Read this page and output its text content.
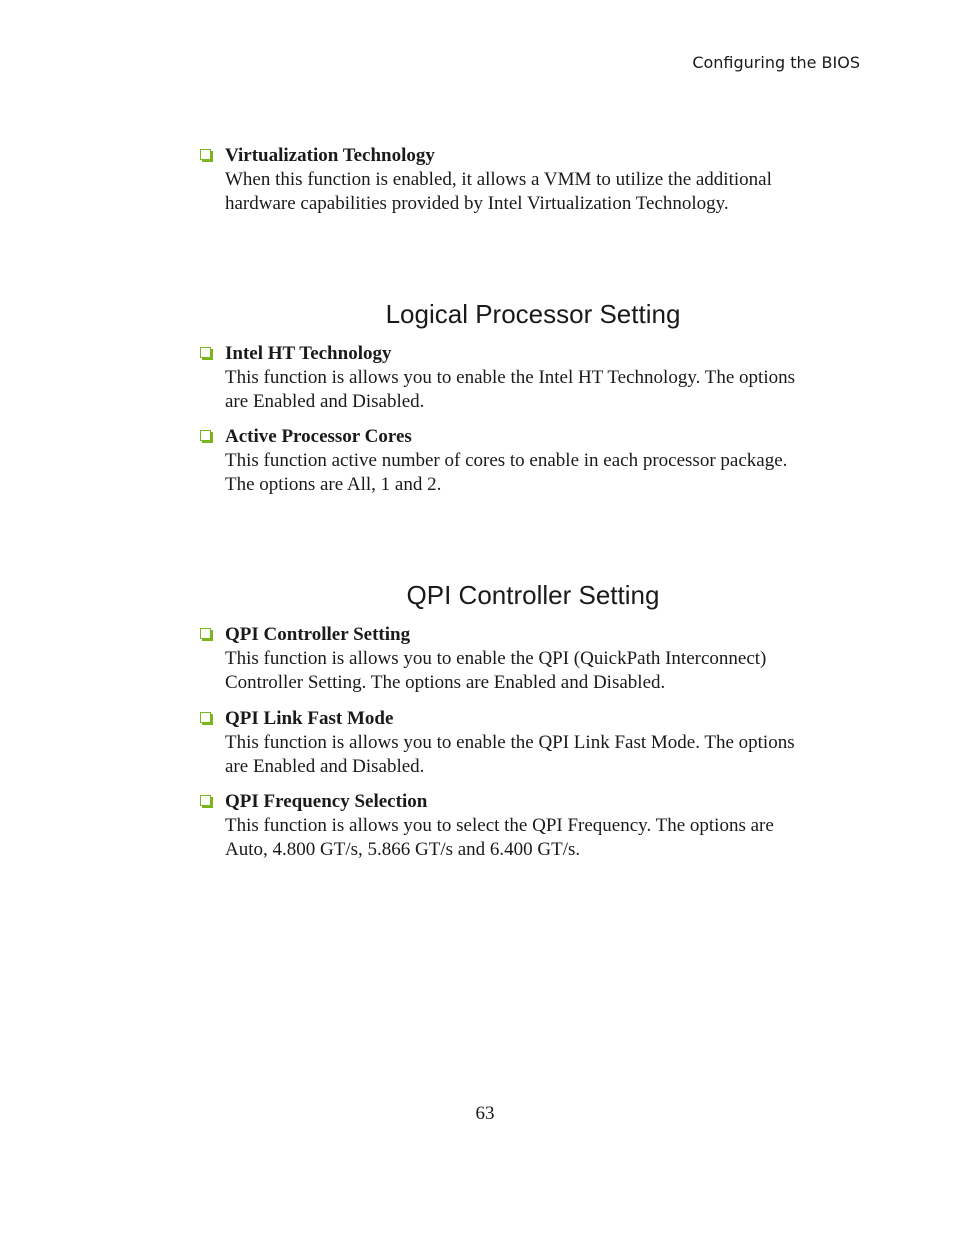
Configuring the BIOS
Virtualization Technology
When this function is enabled, it allows a VMM to utilize the additional
hardware capabilities provided by Intel Virtualization Technology.
Logical Processor Setting
Intel HT Technology
This function is allows you to enable the Intel HT Technology. The options
are Enabled and Disabled.
Active Processor Cores
This function active number of cores to enable in each processor package.
The options are All, 1 and 2.
QPI Controller Setting
QPI Controller Setting
This function is allows you to enable the QPI (QuickPath Interconnect)
Controller Setting. The options are Enabled and Disabled.
QPI Link Fast Mode
This function is allows you to enable the QPI Link Fast Mode. The options
are Enabled and Disabled.
QPI Frequency Selection
This function is allows you to select the QPI Frequency. The options are
Auto, 4.800 GT/s, 5.866 GT/s and 6.400 GT/s.
63
